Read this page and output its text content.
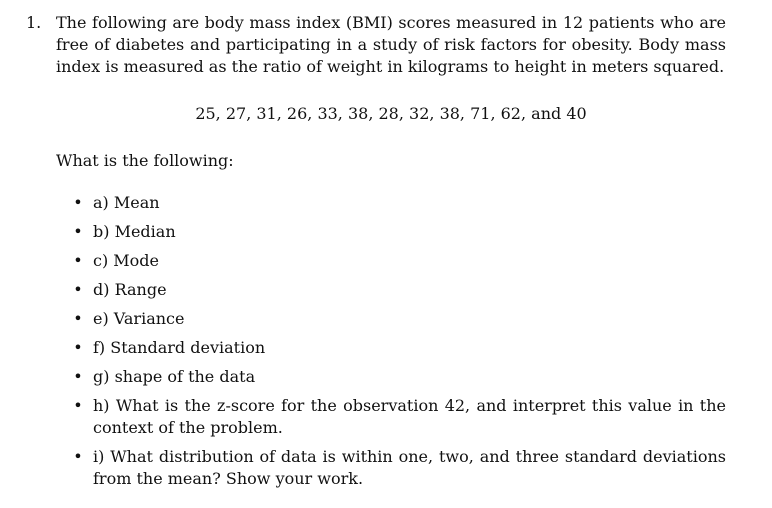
1. The following are body mass index (BMI) scores measured in 12 patients who are free of diabetes and participating in a study of risk factors for obesity. Body mass index is measured as the ratio of weight in kilograms to height in meters squared.
25, 27, 31, 26, 33, 38, 28, 32, 38, 71, 62, and 40
What is the following:
• a) Mean
• b) Median
• c) Mode
• d) Range
• e) Variance
• f) Standard deviation
• g) shape of the data
• h) What is the z-score for the observation 42, and interpret this value in the context of the problem.
• i) What distribution of data is within one, two, and three standard deviations from the mean? Show your work.
